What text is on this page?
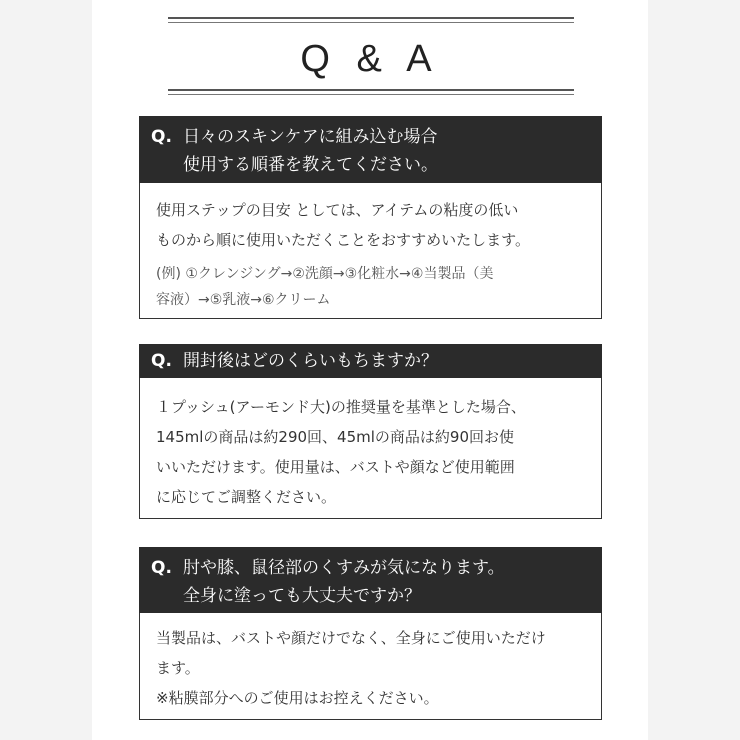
Q & A
Q. 日々のスキンケアに組み込む場合
使用する順番を教えてください。

使用ステップの目安 としては、アイテムの粘度の低い

ものから順に使用いただくことをおすすめいたします。

(例) ①クレンジング→②洗顔→③化粧水→④当製品（美

容液）→⑤乳液→⑥クリーム

Q. 開封後はどのくらいもちますか？

１プッシュ(アーモンド大)の推奨量を基準とした場合、

145mlの商品は約290回、45mlの商品は約90回お使

いいただけます。使用量は、バストや顔など使用範囲

に応じてご調整ください。

Q. 肘や膝、鼠径部のくすみが気になります。
全身に塗っても大丈夫ですか？

当製品は、バストや顔だけでなく、全身にご使用いただけ

ます。

※粘膜部分へのご使用はお控えください。
